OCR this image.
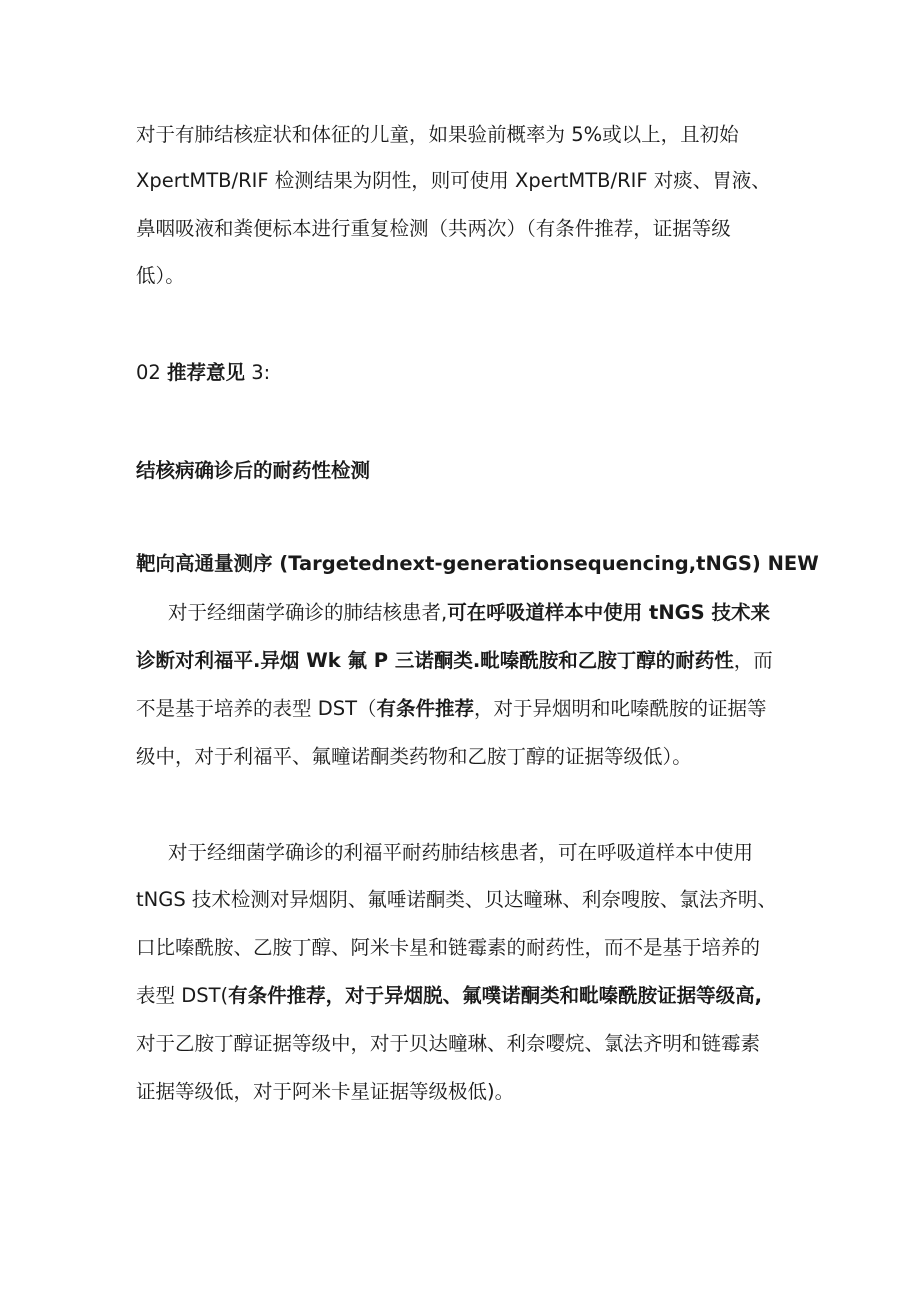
对于有肺结核症状和体征的儿童，如果验前概率为 5%或以上，且初始
XpertMTB/RIF 检测结果为阴性，则可使用 XpertMTB/RIF 对痰、胃液、
鼻咽吸液和粪便标本进行重复检测（共两次）（有条件推荐，证据等级
低）。
02 推荐意见 3:
结核病确诊后的耐药性检测
靶向高通量测序 (Targetednext-generationsequencing,tNGS) NEW
对于经细菌学确诊的肺结核患者,可在呼吸道样本中使用 tNGS 技术来
诊断对利福平.异烟 Wk 氟 P 三诺酮类.毗嗪酰胺和乙胺丁醇的耐药性，而
不是基于培养的表型 DST（有条件推荐，对于异烟明和叱嗪酰胺的证据等
级中，对于利福平、氟疃诺酮类药物和乙胺丁醇的证据等级低）。
对于经细菌学确诊的利福平耐药肺结核患者，可在呼吸道样本中使用
tNGS 技术检测对异烟阴、氟唾诺酮类、贝达疃琳、利奈嗖胺、氯法齐明、
口比嗪酰胺、乙胺丁醇、阿米卡星和链霉素的耐药性，而不是基于培养的
表型 DST(有条件推荐，对于异烟脱、氟噗诺酮类和毗嗪酰胺证据等级高,
对于乙胺丁醇证据等级中，对于贝达疃琳、利奈嘤烷、氯法齐明和链霉素
证据等级低，对于阿米卡星证据等级极低)。
